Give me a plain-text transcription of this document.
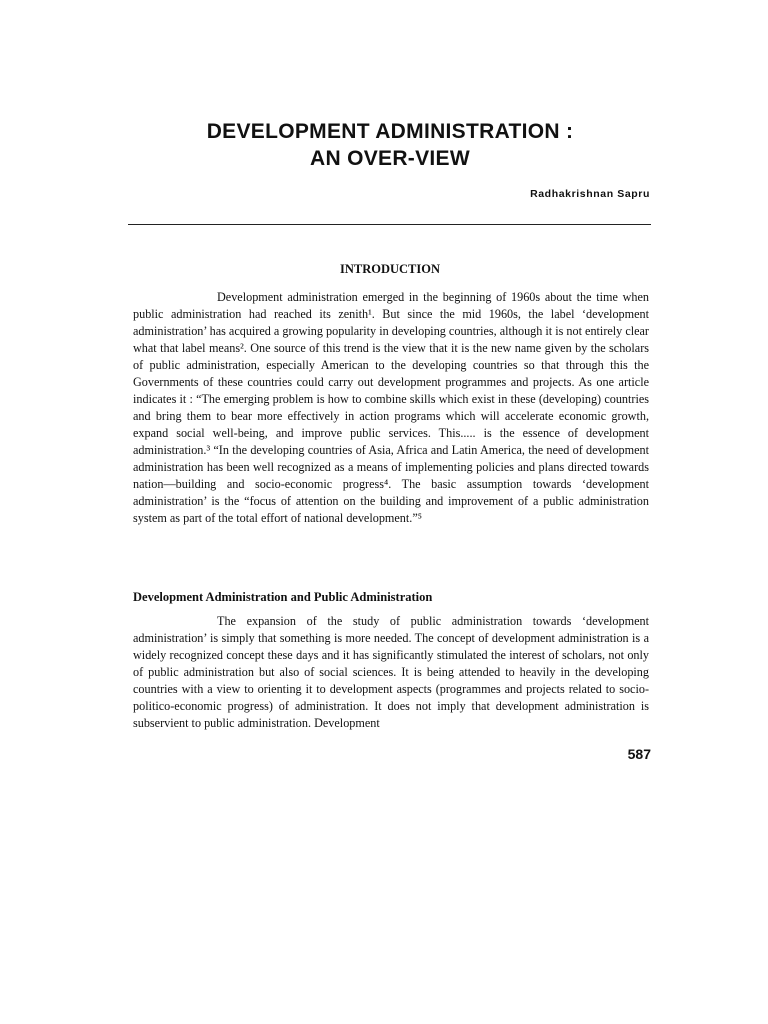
DEVELOPMENT ADMINISTRATION :
AN OVER-VIEW
Radhakrishnan Sapru
INTRODUCTION

Development administration emerged in the beginning of 1960s about the time when public administration had reached its zenith¹. But since the mid 1960s, the label ‘development administration’ has acquired a growing popularity in developing countries, although it is not entirely clear what that label means². One source of this trend is the view that it is the new name given by the scholars of public administration, especially American to the developing countries so that through this the Governments of these countries could carry out development programmes and projects. As one article indicates it : “The emerging problem is how to combine skills which exist in these (developing) countries and bring them to bear more effectively in action programs which will accelerate economic growth, expand social well-being, and improve public services. This..... is the essence of development administration.³ “In the developing countries of Asia, Africa and Latin America, the need of development administration has been well recognized as a means of implementing policies and plans directed towards nation—building and socio-economic progress⁴. The basic assumption towards ‘development administration’ is the “focus of attention on the building and improvement of a public administration system as part of the total effort of national development.”⁵

Development Administration and Public Administration

The expansion of the study of public administration towards ‘development administration’ is simply that something is more needed. The concept of development administration is a widely recognized concept these days and it has significantly stimulated the interest of scholars, not only of public administration but also of social sciences. It is being attended to heavily in the developing countries with a view to orienting it to development aspects (programmes and projects related to socio-politico-economic progress) of administration. It does not imply that development administration is subservient to public administration. Development

587
